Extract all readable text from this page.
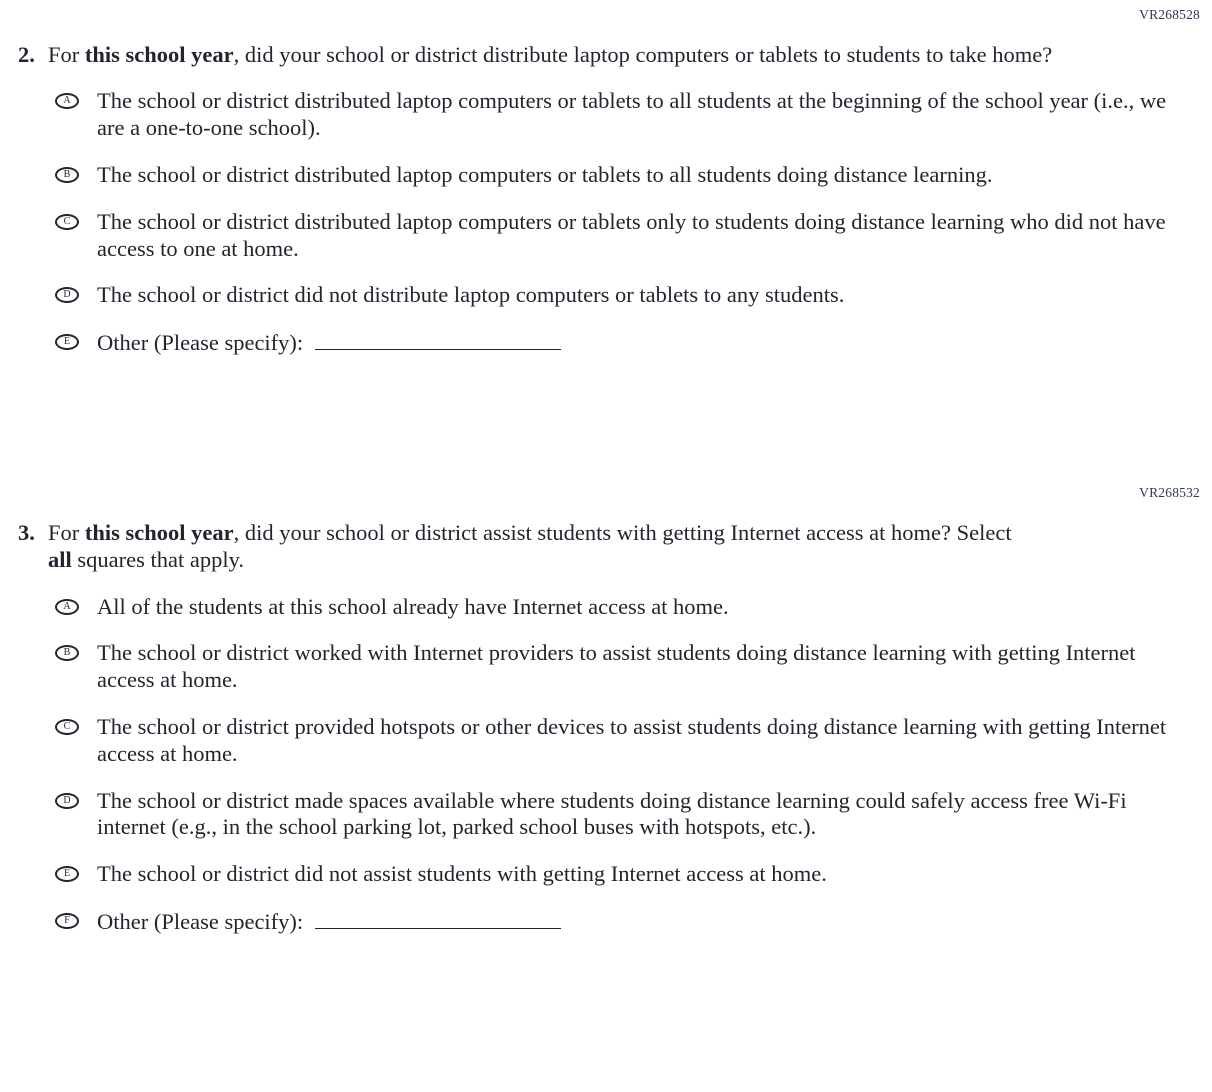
VR268528
2. For this school year, did your school or district distribute laptop computers or tablets to students to take home?
A	The school or district distributed laptop computers or tablets to all students at the beginning of the school year (i.e., we are a one-to-one school).
B	The school or district distributed laptop computers or tablets to all students doing distance learning.
C	The school or district distributed laptop computers or tablets only to students doing distance learning who did not have access to one at home.
D	The school or district did not distribute laptop computers or tablets to any students.
E	Other (Please specify):
VR268532
3. For this school year, did your school or district assist students with getting Internet access at home? Select all squares that apply.
A	All of the students at this school already have Internet access at home.
B	The school or district worked with Internet providers to assist students doing distance learning with getting Internet access at home.
C	The school or district provided hotspots or other devices to assist students doing distance learning with getting Internet access at home.
D	The school or district made spaces available where students doing distance learning could safely access free Wi-Fi internet (e.g., in the school parking lot, parked school buses with hotspots, etc.).
E	The school or district did not assist students with getting Internet access at home.
F	Other (Please specify):
